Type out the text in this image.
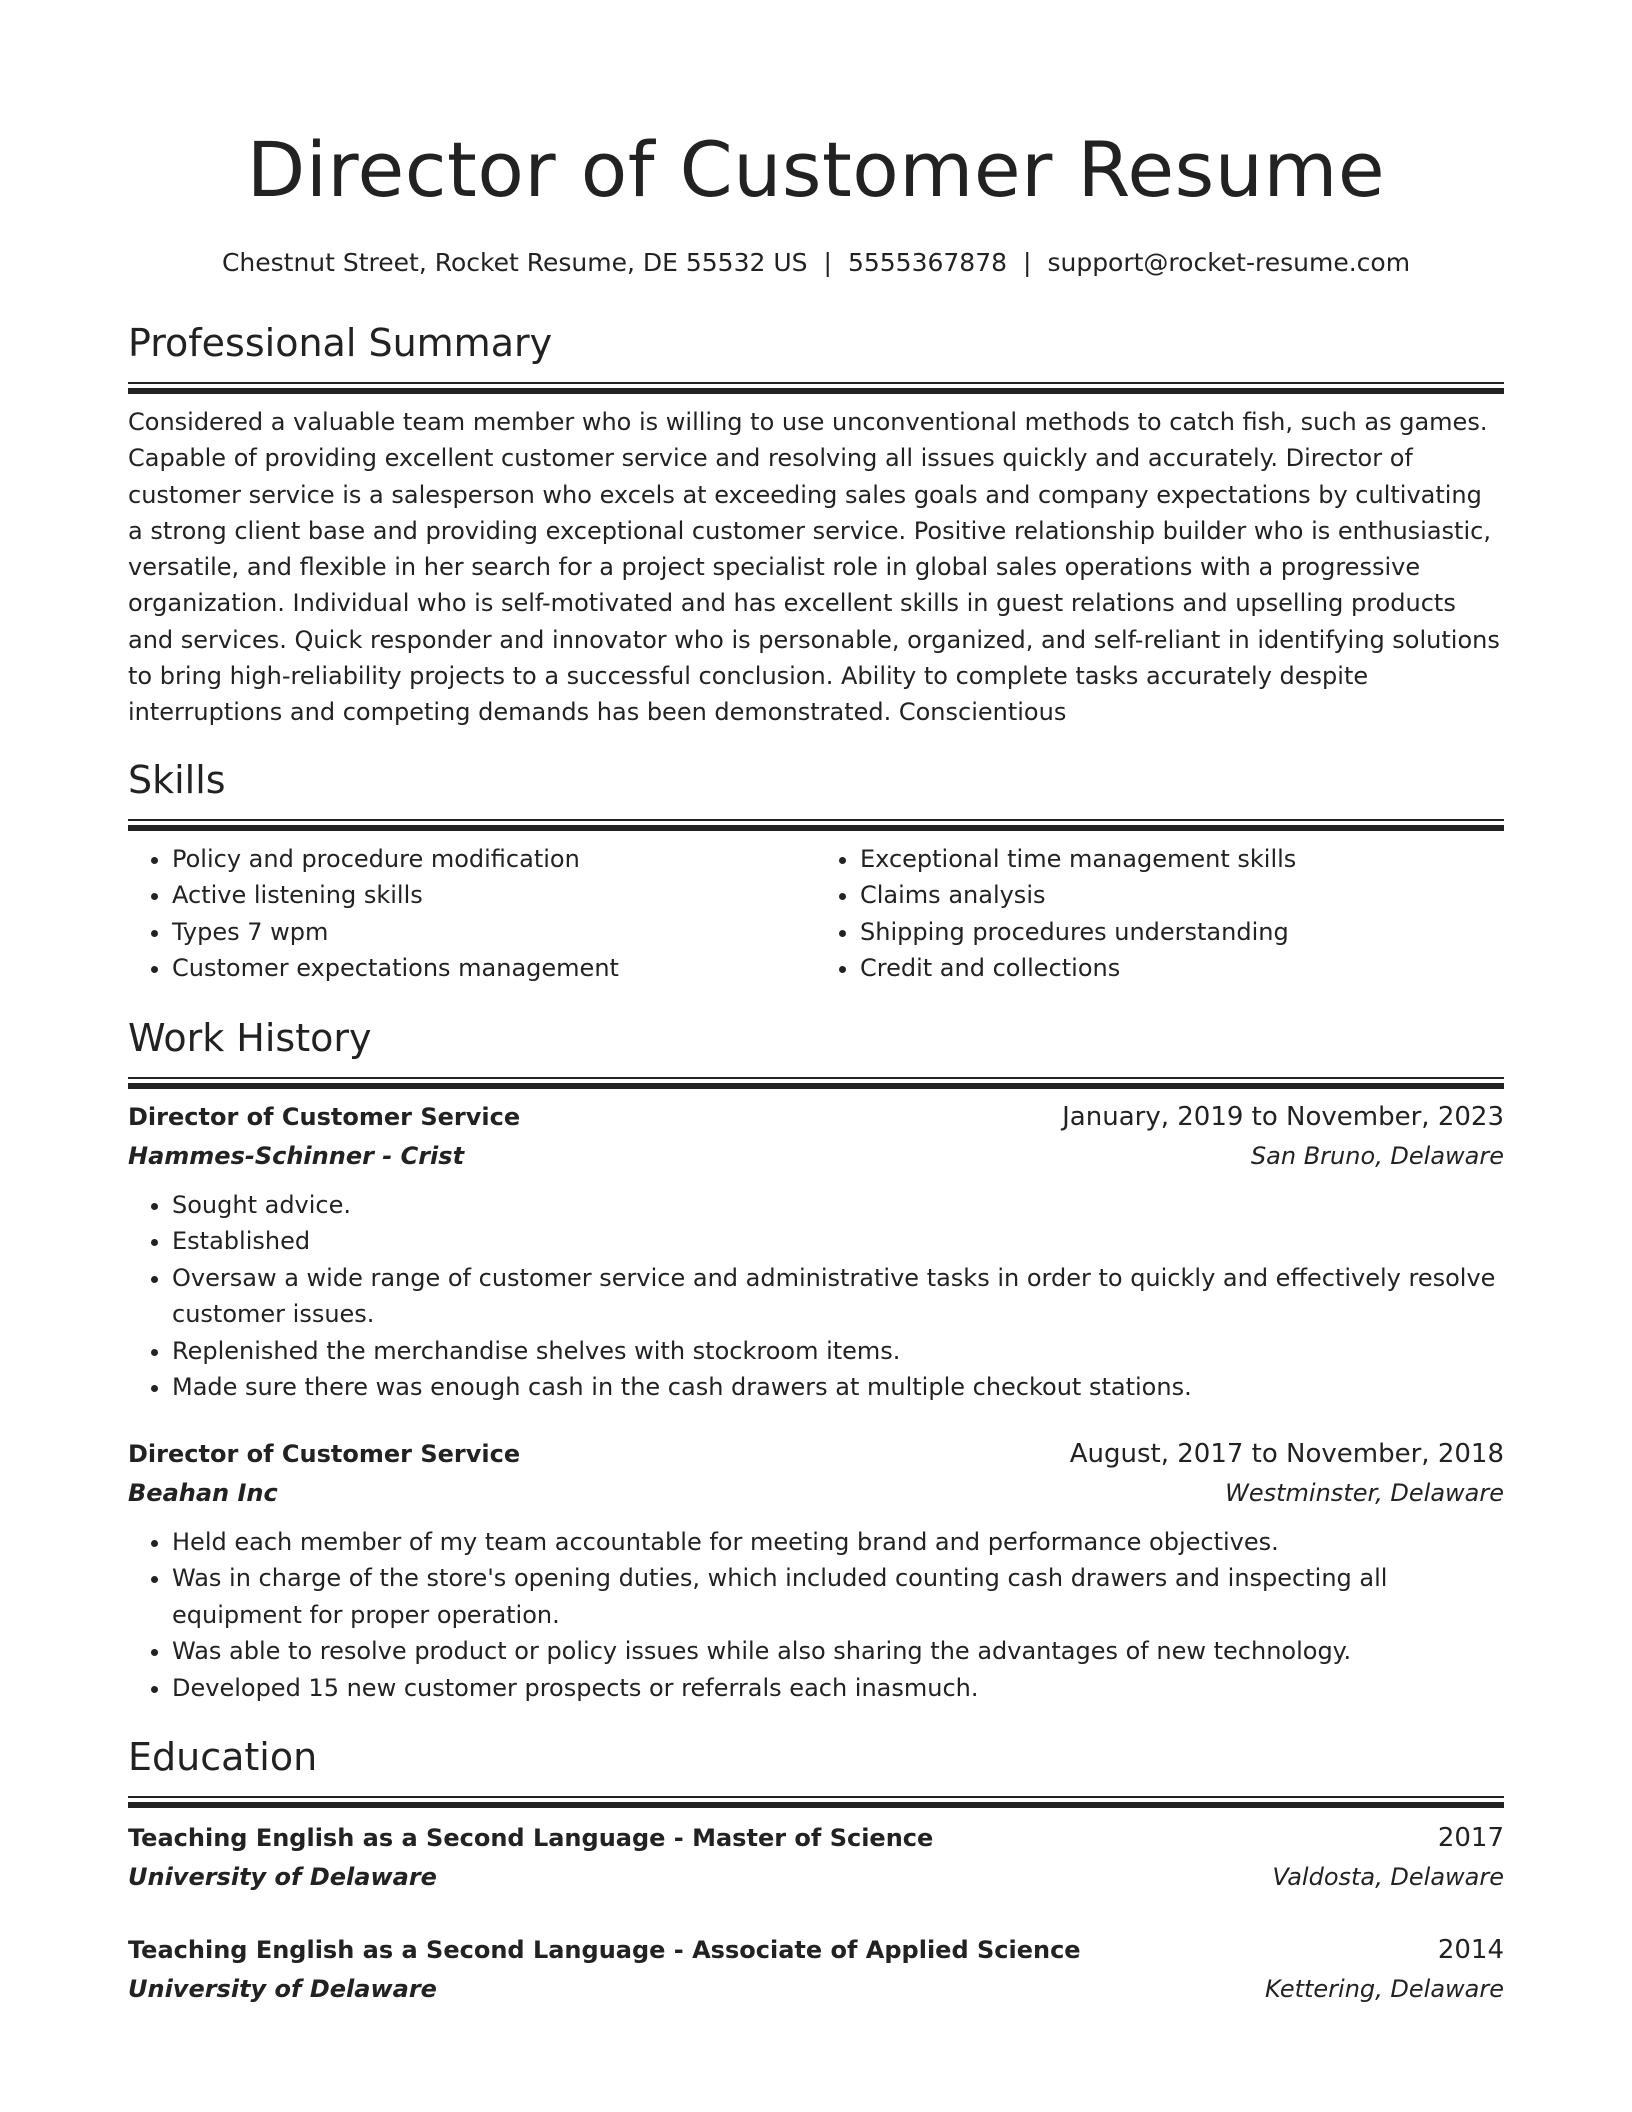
Director of Customer Resume
Chestnut Street, Rocket Resume, DE 55532 US | 5555367878 | support@rocket-resume.com
Professional Summary
Considered a valuable team member who is willing to use unconventional methods to catch fish, such as games. Capable of providing excellent customer service and resolving all issues quickly and accurately. Director of customer service is a salesperson who excels at exceeding sales goals and company expectations by cultivating a strong client base and providing exceptional customer service. Positive relationship builder who is enthusiastic, versatile, and flexible in her search for a project specialist role in global sales operations with a progressive organization. Individual who is self-motivated and has excellent skills in guest relations and upselling products and services. Quick responder and innovator who is personable, organized, and self-reliant in identifying solutions to bring high-reliability projects to a successful conclusion. Ability to complete tasks accurately despite interruptions and competing demands has been demonstrated. Conscientious
Skills
• Policy and procedure modification
• Active listening skills
• Types 7 wpm
• Customer expectations management
• Exceptional time management skills
• Claims analysis
• Shipping procedures understanding
• Credit and collections
Work History
Director of Customer Service	January, 2019 to November, 2023
Hammes-Schinner - Crist	San Bruno, Delaware
• Sought advice.
• Established
• Oversaw a wide range of customer service and administrative tasks in order to quickly and effectively resolve customer issues.
• Replenished the merchandise shelves with stockroom items.
• Made sure there was enough cash in the cash drawers at multiple checkout stations.
Director of Customer Service	August, 2017 to November, 2018
Beahan Inc	Westminster, Delaware
• Held each member of my team accountable for meeting brand and performance objectives.
• Was in charge of the store's opening duties, which included counting cash drawers and inspecting all equipment for proper operation.
• Was able to resolve product or policy issues while also sharing the advantages of new technology.
• Developed 15 new customer prospects or referrals each inasmuch.
Education
Teaching English as a Second Language - Master of Science	2017
University of Delaware	Valdosta, Delaware
Teaching English as a Second Language - Associate of Applied Science	2014
University of Delaware	Kettering, Delaware
